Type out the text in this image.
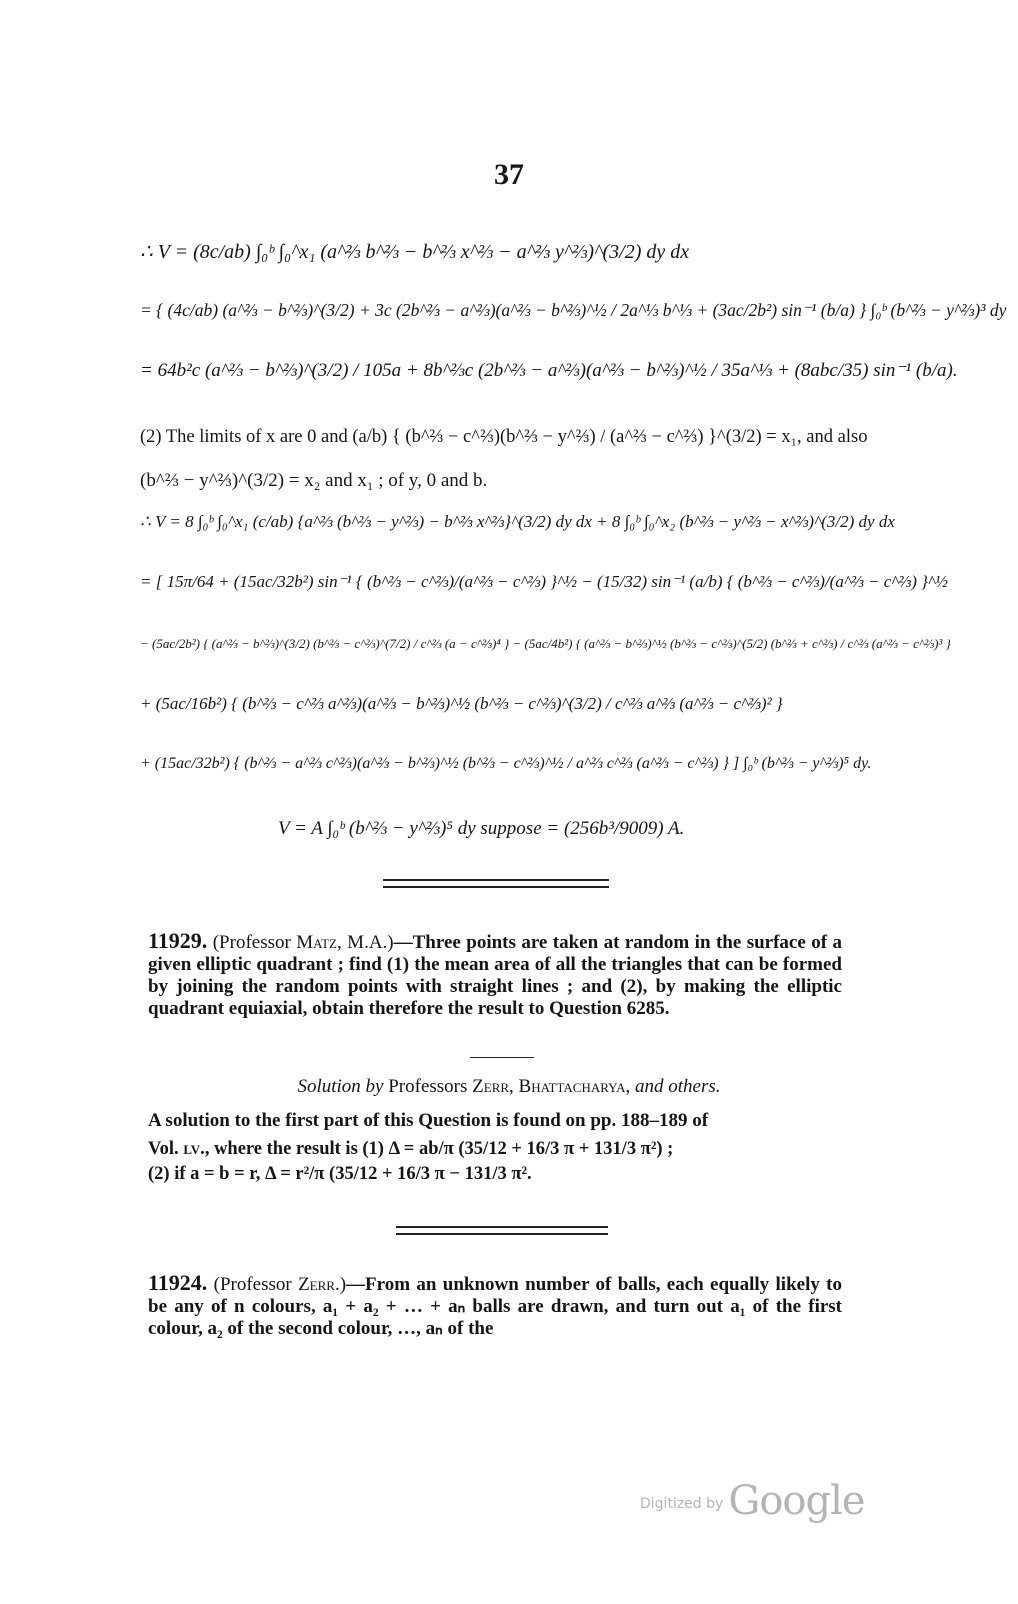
37
∴ V = (8c/ab) ∫₀ᵇ ∫₀^x₁ (a^⅔ b^⅔ − b^⅔ x^⅔ − a^⅔ y^⅔)^(3/2) dy dx
= { (4c/ab) (a^⅔ − b^⅔)^(3/2) + 3c (2b^⅔ − a^⅔)(a^⅔ − b^⅔)^½ / 2a^⅓ b^⅓ + (3ac/2b²) sin⁻¹ (b/a) } ∫₀ᵇ (b^⅔ − y^⅔)³ dy
= 64b²c (a^⅔ − b^⅔)^(3/2) / 105a + 8b^⅔c (2b^⅔ − a^⅔)(a^⅔ − b^⅔)^½ / 35a^⅓ + (8abc/35) sin⁻¹ (b/a).
(2) The limits of x are 0 and (a/b) { (b^⅔ − c^⅔)(b^⅔ − y^⅔) / (a^⅔ − c^⅔) }^(3/2) = x₁, and also
(b^⅔ − y^⅔)^(3/2) = x₂ and x₁ ; of y, 0 and b.
∴ V = 8 ∫₀ᵇ ∫₀^x₁ (c/ab) {a^⅔ (b^⅔ − y^⅔) − b^⅔ x^⅔}^(3/2) dy dx + 8 ∫₀ᵇ ∫₀^x₂ (b^⅔ − y^⅔ − x^⅔)^(3/2) dy dx
= [ 15π/64 + (15ac/32b²) sin⁻¹ { (b^⅔ − c^⅔)/(a^⅔ − c^⅔) }^½ − (15/32) sin⁻¹ (a/b) { (b^⅔ − c^⅔)/(a^⅔ − c^⅔) }^½
− (5ac/2b²) { (a^⅔ − b^⅔)^(3/2) (b^⅔ − c^⅔)^(7/2) / c^⅔ (a − c^⅔)⁴ } − (5ac/4b²) { (a^⅔ − b^⅔)^½ (b^⅔ − c^⅔)^(5/2) (b^⅔ + c^⅔) / c^⅔ (a^⅔ − c^⅔)³ }
+ (5ac/16b²) { (b^⅔ − c^⅔ a^⅔)(a^⅔ − b^⅔)^½ (b^⅔ − c^⅔)^(3/2) / c^⅔ a^⅔ (a^⅔ − c^⅔)² }
+ (15ac/32b²) { (b^⅔ − a^⅔ c^⅔)(a^⅔ − b^⅔)^½ (b^⅔ − c^⅔)^½ / a^⅔ c^⅔ (a^⅔ − c^⅔) } ] ∫₀ᵇ (b^⅔ − y^⅔)⁵ dy.
V = A ∫₀ᵇ (b^⅔ − y^⅔)⁵ dy suppose = (256b³/9009) A.
11929. (Professor Matz, M.A.)—Three points are taken at random in the surface of a given elliptic quadrant ; find (1) the mean area of all the triangles that can be formed by joining the random points with straight lines ; and (2), by making the elliptic quadrant equiaxial, obtain therefore the result to Question 6285.
Solution by Professors Zerr, Bhattacharya, and others.
A solution to the first part of this Question is found on pp. 188–189 of
Vol. lv., where the result is (1) Δ = ab/π (35/12 + 16/3 π + 131/3 π²) ;
(2) if a = b = r, Δ = r²/π (35/12 + 16/3 π − 131/3 π².
11924. (Professor Zerr.)—From an unknown number of balls, each equally likely to be any of n colours, a₁ + a₂ + … + aₙ balls are drawn, and turn out a₁ of the first colour, a₂ of the second colour, …, aₙ of the
Digitized by Google
